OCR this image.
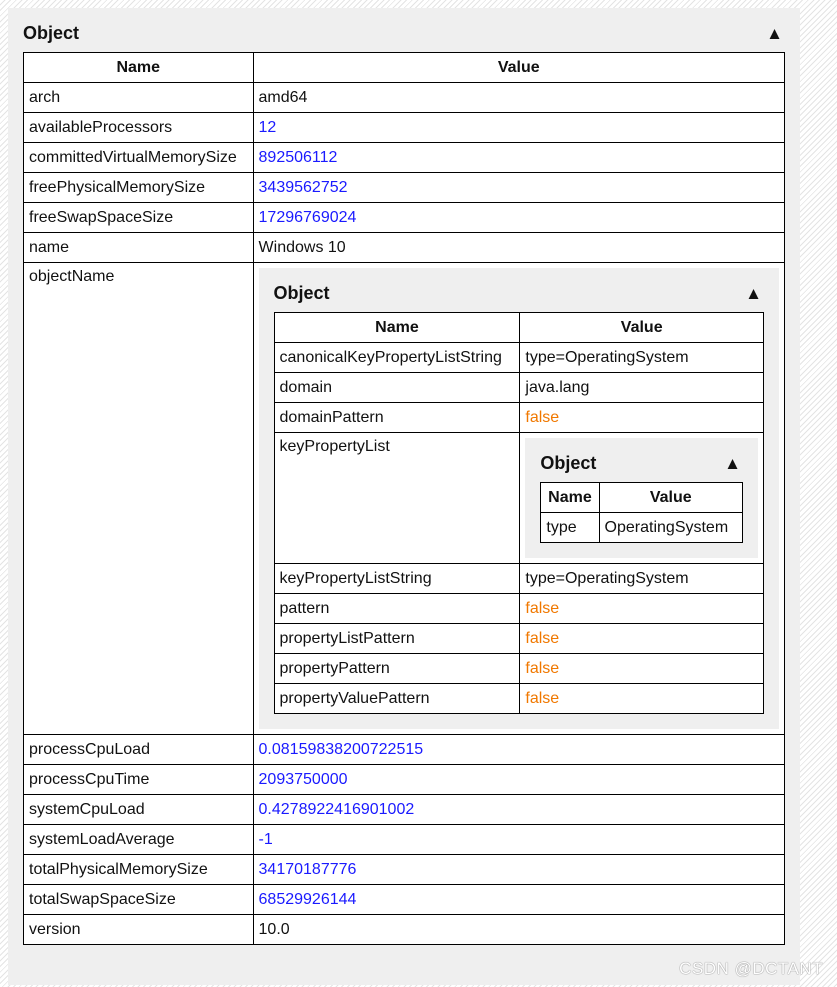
Object	▲
Name	Value
arch	amd64
availableProcessors	12
committedVirtualMemorySize	892506112
freePhysicalMemorySize	3439562752
freeSwapSpaceSize	17296769024
name	Windows 10
objectName	
Object	▲
Name	Value
canonicalKeyPropertyListString	type=OperatingSystem
domain	java.lang
domainPattern	false
keyPropertyList	
Object	▲
Name	Value
type	OperatingSystem

keyPropertyListString	type=OperatingSystem
pattern	false
propertyListPattern	false
propertyPattern	false
propertyValuePattern	false

processCpuLoad	0.08159838200722515
processCpuTime	2093750000
systemCpuLoad	0.4278922416901002
systemLoadAverage	-1
totalPhysicalMemorySize	34170187776
totalSwapSpaceSize	68529926144
version	10.0
CSDN @DCTANT
